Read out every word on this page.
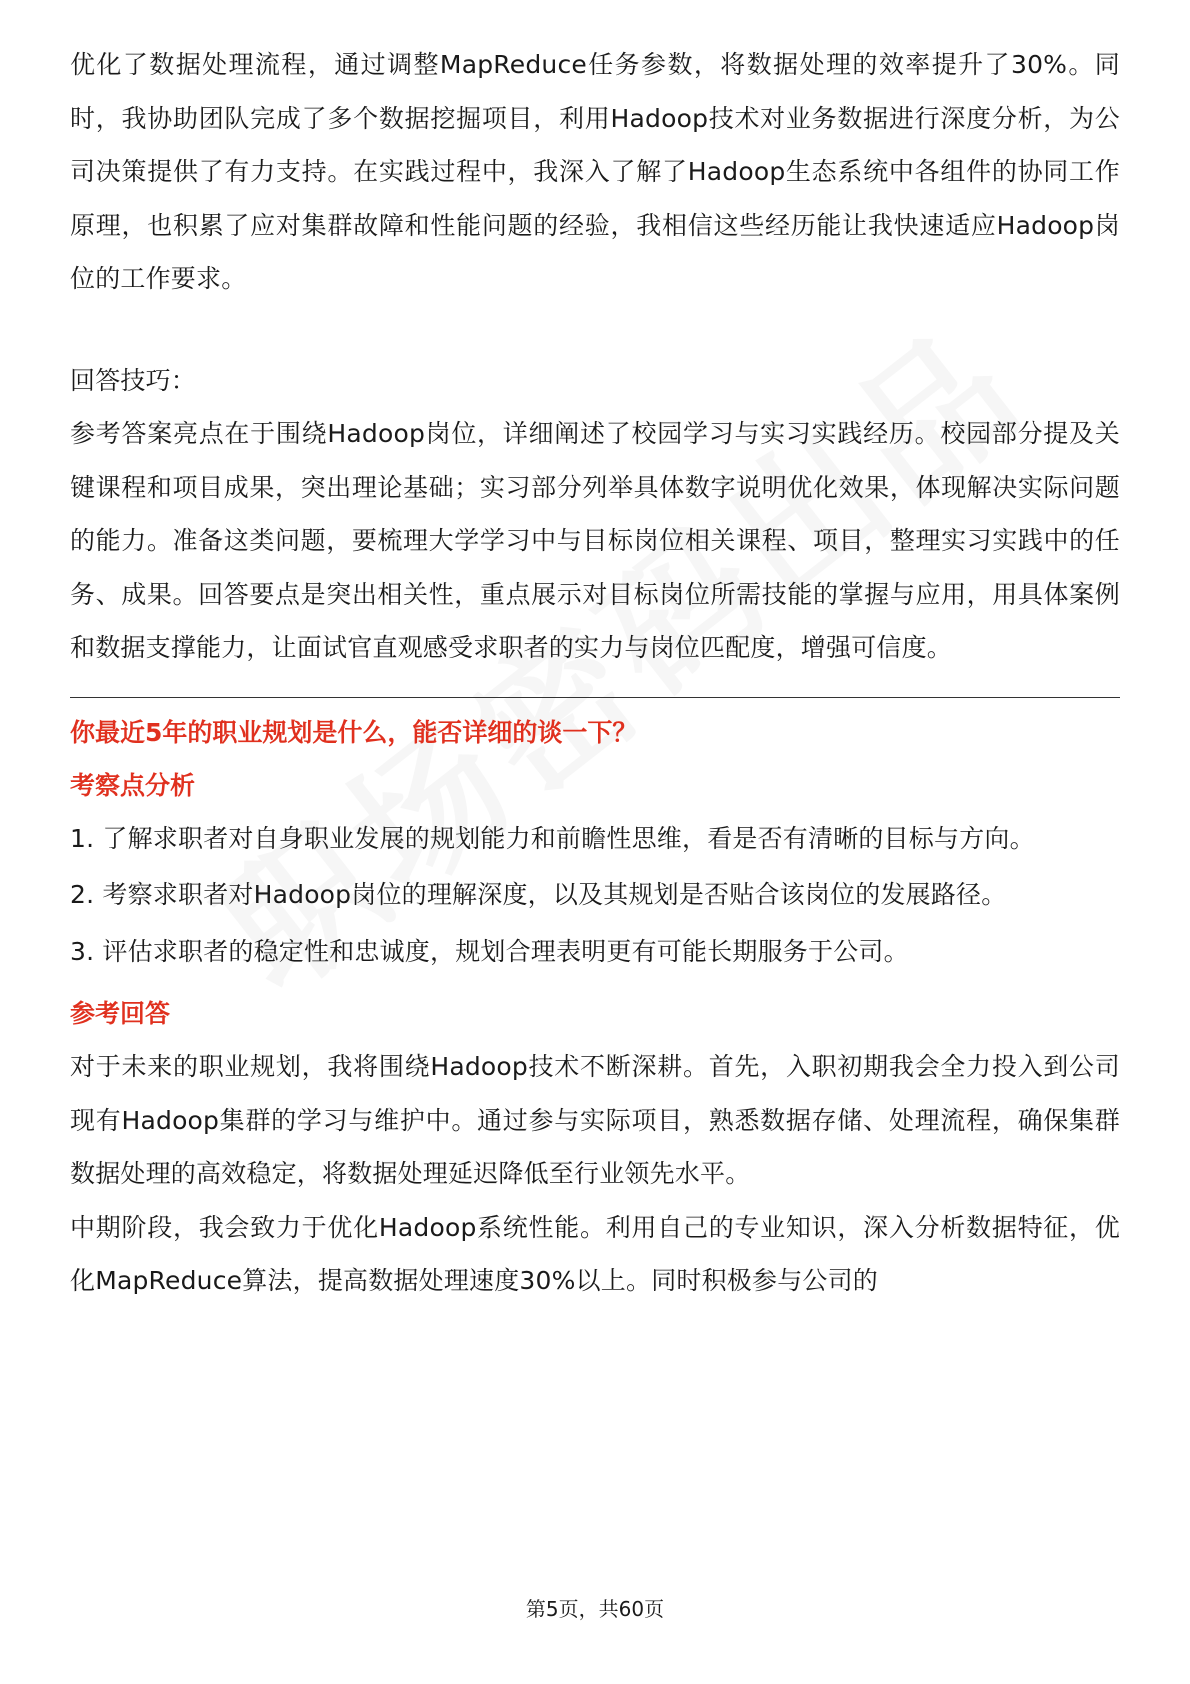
优化了数据处理流程，通过调整MapReduce任务参数，将数据处理的效率提升了30%。同时，我协助团队完成了多个数据挖掘项目，利用Hadoop技术对业务数据进行深度分析，为公司决策提供了有力支持。在实践过程中，我深入了解了Hadoop生态系统中各组件的协同工作原理，也积累了应对集群故障和性能问题的经验，我相信这些经历能让我快速适应Hadoop岗位的工作要求。

回答技巧：

参考答案亮点在于围绕Hadoop岗位，详细阐述了校园学习与实习实践经历。校园部分提及关键课程和项目成果，突出理论基础；实习部分列举具体数字说明优化效果，体现解决实际问题的能力。准备这类问题，要梳理大学学习中与目标岗位相关课程、项目，整理实习实践中的任务、成果。回答要点是突出相关性，重点展示对目标岗位所需技能的掌握与应用，用具体案例和数据支撑能力，让面试官直观感受求职者的实力与岗位匹配度，增强可信度。

你最近5年的职业规划是什么，能否详细的谈一下？

考察点分析

1. 了解求职者对自身职业发展的规划能力和前瞻性思维，看是否有清晰的目标与方向。

2. 考察求职者对Hadoop岗位的理解深度，以及其规划是否贴合该岗位的发展路径。

3. 评估求职者的稳定性和忠诚度，规划合理表明更有可能长期服务于公司。

参考回答

对于未来的职业规划，我将围绕Hadoop技术不断深耕。首先，入职初期我会全力投入到公司现有Hadoop集群的学习与维护中。通过参与实际项目，熟悉数据存储、处理流程，确保集群数据处理的高效稳定，将数据处理延迟降低至行业领先水平。

中期阶段，我会致力于优化Hadoop系统性能。利用自己的专业知识，深入分析数据特征，优化MapReduce算法，提高数据处理速度30%以上。同时积极参与公司的

第5页，共60页
